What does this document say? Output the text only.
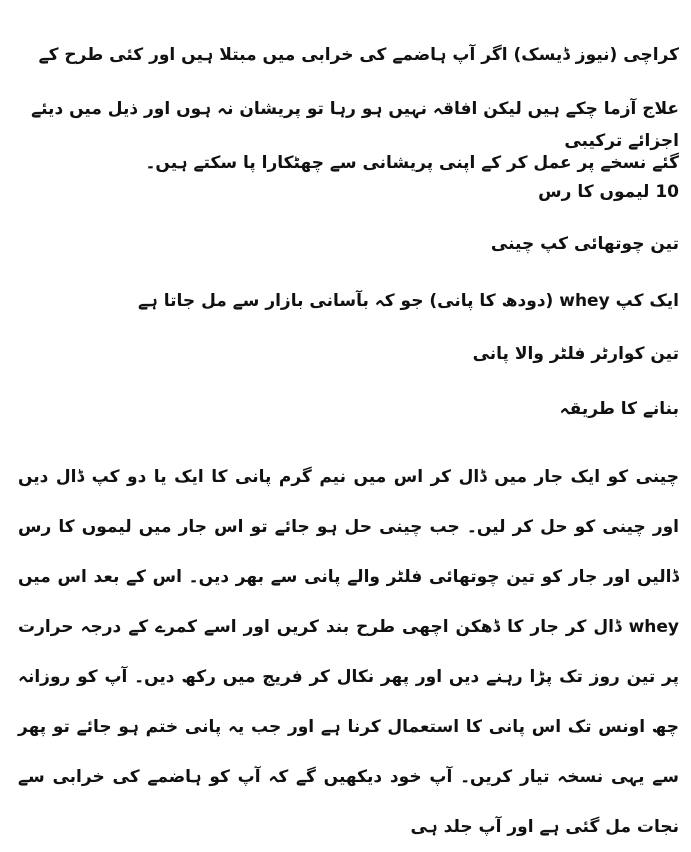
کراچی (نیوز ڈیسک) اگر آپ ہاضمے کی خرابی میں مبتلا ہیں اور کئی طرح کے علاج آزما چکے ہیں لیکن افاقہ نہیں ہو رہا تو پریشان نہ ہوں اور ذیل میں دیئے گئے نسخے پر عمل کر کے اپنی پریشانی سے چھٹکارا پا سکتے ہیں۔

اجزائے ترکیبی

10 لیموں کا رس

تین چوتھائی کپ چینی

ایک کپ whey (دودھ کا پانی) جو کہ بآسانی بازار سے مل جاتا ہے

تین کوارٹر فلٹر والا پانی

بنانے کا طریقہ

چینی کو ایک جار میں ڈال کر اس میں نیم گرم پانی کا ایک یا دو کپ ڈال دیں اور چینی کو حل کر لیں۔ جب چینی حل ہو جائے تو اس جار میں لیموں کا رس ڈالیں اور جار کو تین چوتھائی فلٹر والے پانی سے بھر دیں۔ اس کے بعد اس میں whey ڈال کر جار کا ڈھکن اچھی طرح بند کریں اور اسے کمرے کے درجہ حرارت پر تین روز تک پڑا رہنے دیں اور پھر نکال کر فریج میں رکھ دیں۔ آپ کو روزانہ چھ اونس تک اس پانی کا استعمال کرنا ہے اور جب یہ پانی ختم ہو جائے تو پھر سے یہی نسخہ تیار کریں۔ آپ خود دیکھیں گے کہ آپ کو ہاضمے کی خرابی سے نجات مل گئی ہے اور آپ جلد ہی
